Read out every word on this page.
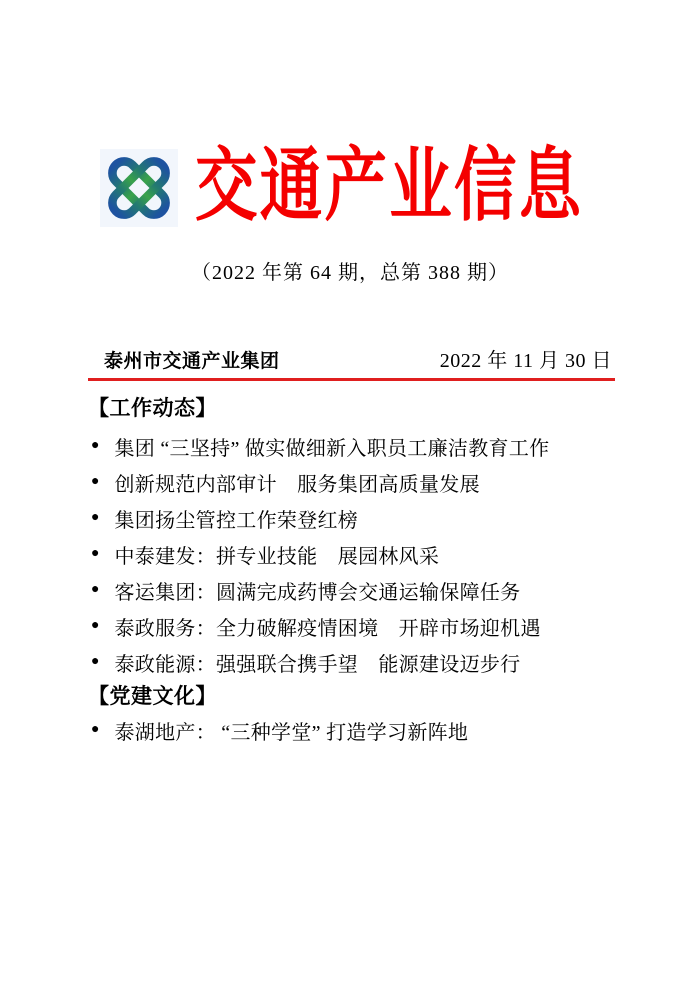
交通产业信息
（2022 年第 64 期，总第 388 期）
泰州市交通产业集团	2022 年 11 月 30 日
【工作动态】
● 集团 “三坚持” 做实做细新入职员工廉洁教育工作
● 创新规范内部审计　服务集团高质量发展
● 集团扬尘管控工作荣登红榜
● 中泰建发：拼专业技能　展园林风采
● 客运集团：圆满完成药博会交通运输保障任务
● 泰政服务：全力破解疫情困境　开辟市场迎机遇
● 泰政能源：强强联合携手望　能源建设迈步行
【党建文化】
● 泰湖地产： “三种学堂” 打造学习新阵地
